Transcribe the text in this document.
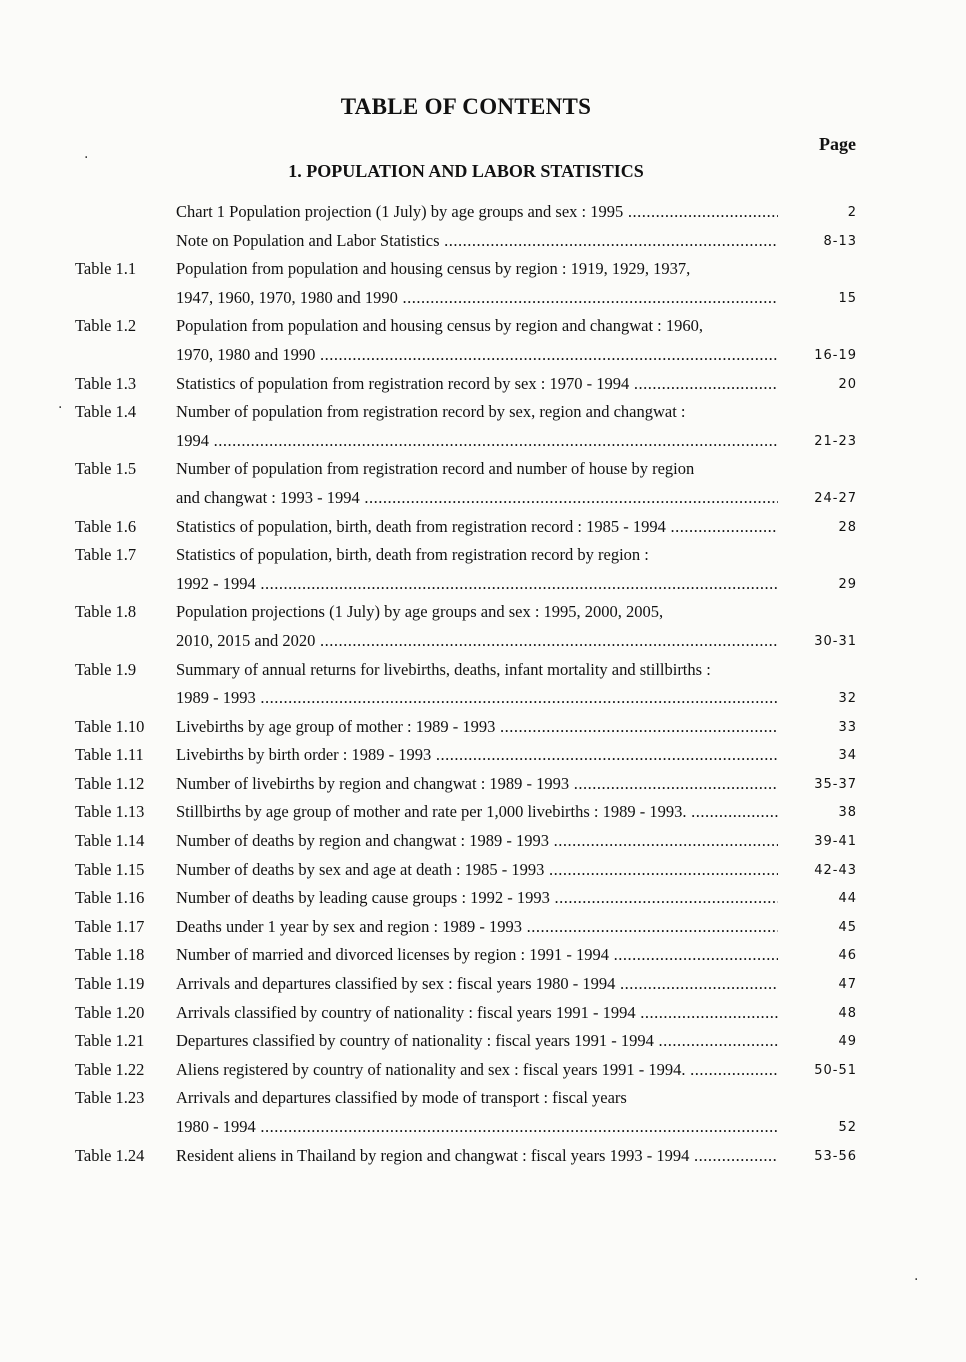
TABLE OF CONTENTS
Page
1. POPULATION AND LABOR STATISTICS
Chart 1 Population projection (1 July) by age groups and sex : 1995 .....	2
Note on Population and Labor Statistics .....	8-13
Table 1.1 Population from population and housing census by region : 1919, 1929, 1937,
1947, 1960, 1970, 1980 and 1990 .....	15
Table 1.2 Population from population and housing census by region and changwat : 1960,
1970, 1980 and 1990 .....	16-19
Table 1.3 Statistics of population from registration record by sex : 1970 - 1994 .....	20
Table 1.4 Number of population from registration record by sex, region and changwat :
1994 .....	21-23
Table 1.5 Number of population from registration record and number of house by region
and changwat : 1993 - 1994 .....	24-27
Table 1.6 Statistics of population, birth, death from registration record : 1985 - 1994 .....	28
Table 1.7 Statistics of population, birth, death from registration record by region :
1992 - 1994 .....	29
Table 1.8 Population projections (1 July) by age groups and sex : 1995, 2000, 2005,
2010, 2015 and 2020 .....	30-31
Table 1.9 Summary of annual returns for livebirths, deaths, infant mortality and stillbirths :
1989 - 1993 .....	32
Table 1.10 Livebirths by age group of mother : 1989 - 1993 .....	33
Table 1.11 Livebirths by birth order : 1989 - 1993 .....	34
Table 1.12 Number of livebirths by region and changwat : 1989 - 1993 .....	35-37
Table 1.13 Stillbirths by age group of mother and rate per 1,000 livebirths : 1989 - 1993. .....	38
Table 1.14 Number of deaths by region and changwat : 1989 - 1993 .....	39-41
Table 1.15 Number of deaths by sex and age at death : 1985 - 1993 .....	42-43
Table 1.16 Number of deaths by leading cause groups : 1992 - 1993 .....	44
Table 1.17 Deaths under 1 year by sex and region : 1989 - 1993 .....	45
Table 1.18 Number of married and divorced licenses by region : 1991 - 1994 .....	46
Table 1.19 Arrivals and departures classified by sex : fiscal years 1980 - 1994 .....	47
Table 1.20 Arrivals classified by country of nationality : fiscal years 1991 - 1994 .....	48
Table 1.21 Departures classified by country of nationality : fiscal years 1991 - 1994 .....	49
Table 1.22 Aliens registered by country of nationality and sex : fiscal years 1991 - 1994. .....	50-51
Table 1.23 Arrivals and departures classified by mode of transport : fiscal years
1980 - 1994 .....	52
Table 1.24 Resident aliens in Thailand by region and changwat : fiscal years 1993 - 1994 .....	53-56
·
·
·
